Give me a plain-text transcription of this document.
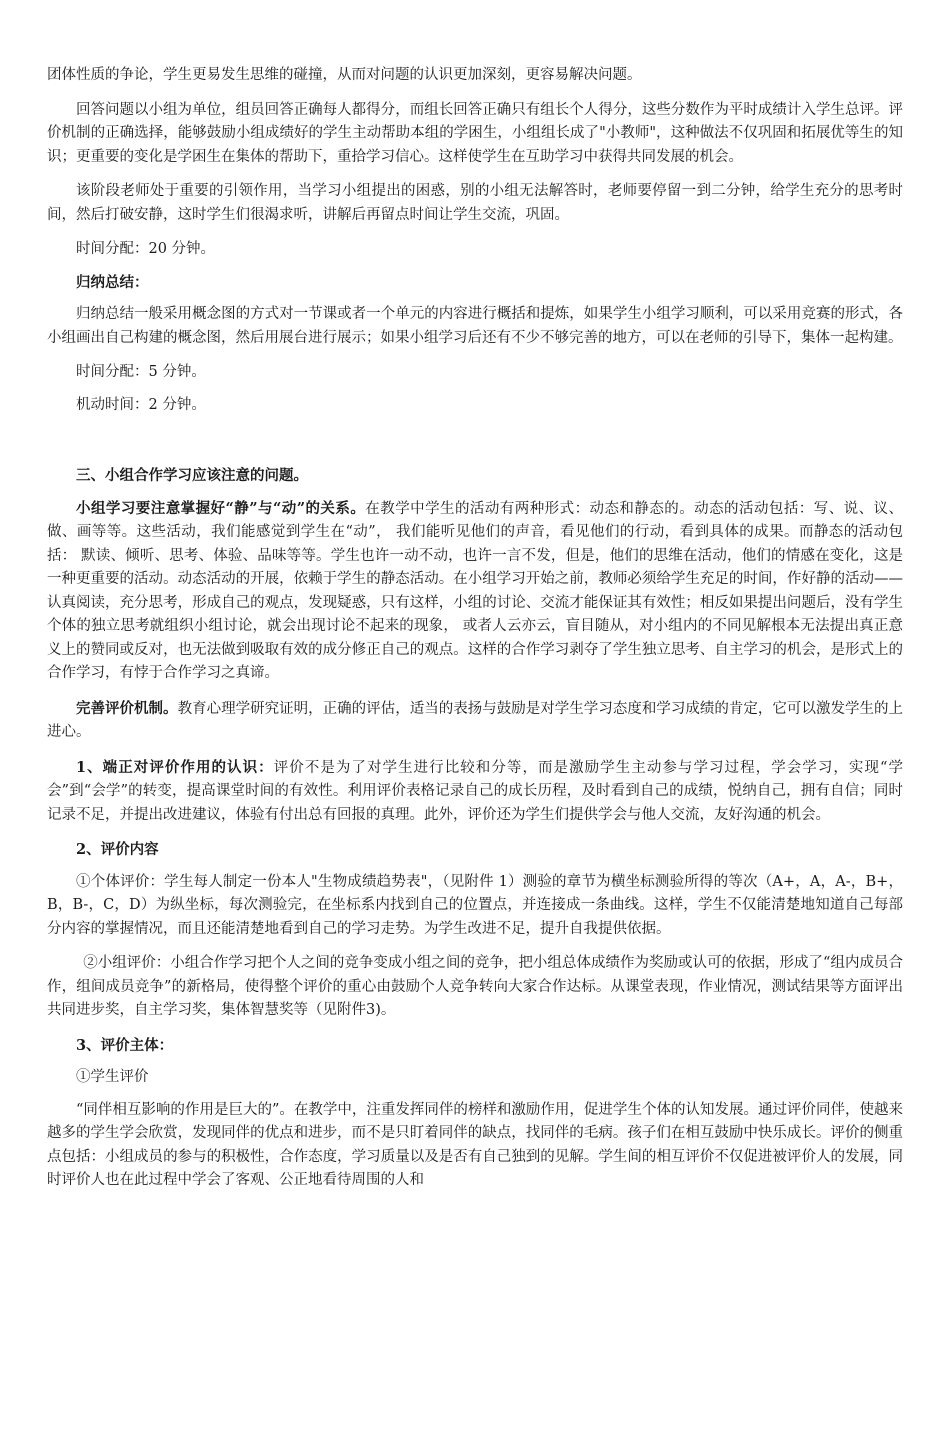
团体性质的争论，学生更易发生思维的碰撞，从而对问题的认识更加深刻，更容易解决问题。

回答问题以小组为单位，组员回答正确每人都得分，而组长回答正确只有组长个人得分，这些分数作为平时成绩计入学生总评。评价机制的正确选择，能够鼓励小组成绩好的学生主动帮助本组的学困生，小组组长成了"小教师"，这种做法不仅巩固和拓展优等生的知识；更重要的变化是学困生在集体的帮助下，重拾学习信心。这样使学生在互助学习中获得共同发展的机会。

该阶段老师处于重要的引领作用，当学习小组提出的困惑，别的小组无法解答时，老师要停留一到二分钟，给学生充分的思考时间，然后打破安静，这时学生们很渴求听，讲解后再留点时间让学生交流，巩固。

时间分配：20 分钟。

归纳总结：

归纳总结一般采用概念图的方式对一节课或者一个单元的内容进行概括和提炼，如果学生小组学习顺利，可以采用竞赛的形式，各小组画出自己构建的概念图，然后用展台进行展示；如果小组学习后还有不少不够完善的地方，可以在老师的引导下，集体一起构建。

时间分配：5 分钟。

机动时间：2 分钟。

三、小组合作学习应该注意的问题。

小组学习要注意掌握好“静”与“动”的关系。在教学中学生的活动有两种形式：动态和静态的。动态的活动包括：写、说、议、做、画等等。这些活动，我们能感觉到学生在“动”， 我们能听见他们的声音，看见他们的行动，看到具体的成果。而静态的活动包括： 默读、倾听、思考、体验、品味等等。学生也许一动不动，也许一言不发，但是，他们的思维在活动，他们的情感在变化，这是一种更重要的活动。动态活动的开展，依赖于学生的静态活动。在小组学习开始之前，教师必须给学生充足的时间，作好静的活动——认真阅读，充分思考，形成自己的观点，发现疑惑，只有这样，小组的讨论、交流才能保证其有效性；相反如果提出问题后，没有学生个体的独立思考就组织小组讨论，就会出现讨论不起来的现象， 或者人云亦云，盲目随从，对小组内的不同见解根本无法提出真正意义上的赞同或反对，也无法做到吸取有效的成分修正自己的观点。这样的合作学习剥夺了学生独立思考、自主学习的机会，是形式上的合作学习，有悖于合作学习之真谛。

完善评价机制。教育心理学研究证明，正确的评估，适当的表扬与鼓励是对学生学习态度和学习成绩的肯定，它可以激发学生的上进心。

1、端正对评价作用的认识：评价不是为了对学生进行比较和分等，而是激励学生主动参与学习过程，学会学习，实现“学会”到“会学”的转变，提高课堂时间的有效性。利用评价表格记录自己的成长历程，及时看到自己的成绩，悦纳自己，拥有自信；同时记录不足，并提出改进建议，体验有付出总有回报的真理。此外，评价还为学生们提供学会与他人交流，友好沟通的机会。

2、评价内容

①个体评价：学生每人制定一份本人"生物成绩趋势表"，（见附件 1）测验的章节为横坐标测验所得的等次（A+，A，A-，B+，B，B-，C，D）为纵坐标，每次测验完，在坐标系内找到自己的位置点，并连接成一条曲线。这样，学生不仅能清楚地知道自己每部分内容的掌握情况，而且还能清楚地看到自己的学习走势。为学生改进不足，提升自我提供依据。

②小组评价：小组合作学习把个人之间的竞争变成小组之间的竞争，把小组总体成绩作为奖励或认可的依据，形成了“组内成员合作，组间成员竞争”的新格局，使得整个评价的重心由鼓励个人竞争转向大家合作达标。从课堂表现，作业情况，测试结果等方面评出共同进步奖，自主学习奖，集体智慧奖等（见附件3)。

3、评价主体：

①学生评价

“同伴相互影响的作用是巨大的”。在教学中，注重发挥同伴的榜样和激励作用，促进学生个体的认知发展。通过评价同伴，使越来越多的学生学会欣赏，发现同伴的优点和进步，而不是只盯着同伴的缺点，找同伴的毛病。孩子们在相互鼓励中快乐成长。评价的侧重点包括：小组成员的参与的积极性，合作态度，学习质量以及是否有自己独到的见解。学生间的相互评价不仅促进被评价人的发展，同时评价人也在此过程中学会了客观、公正地看待周围的人和
